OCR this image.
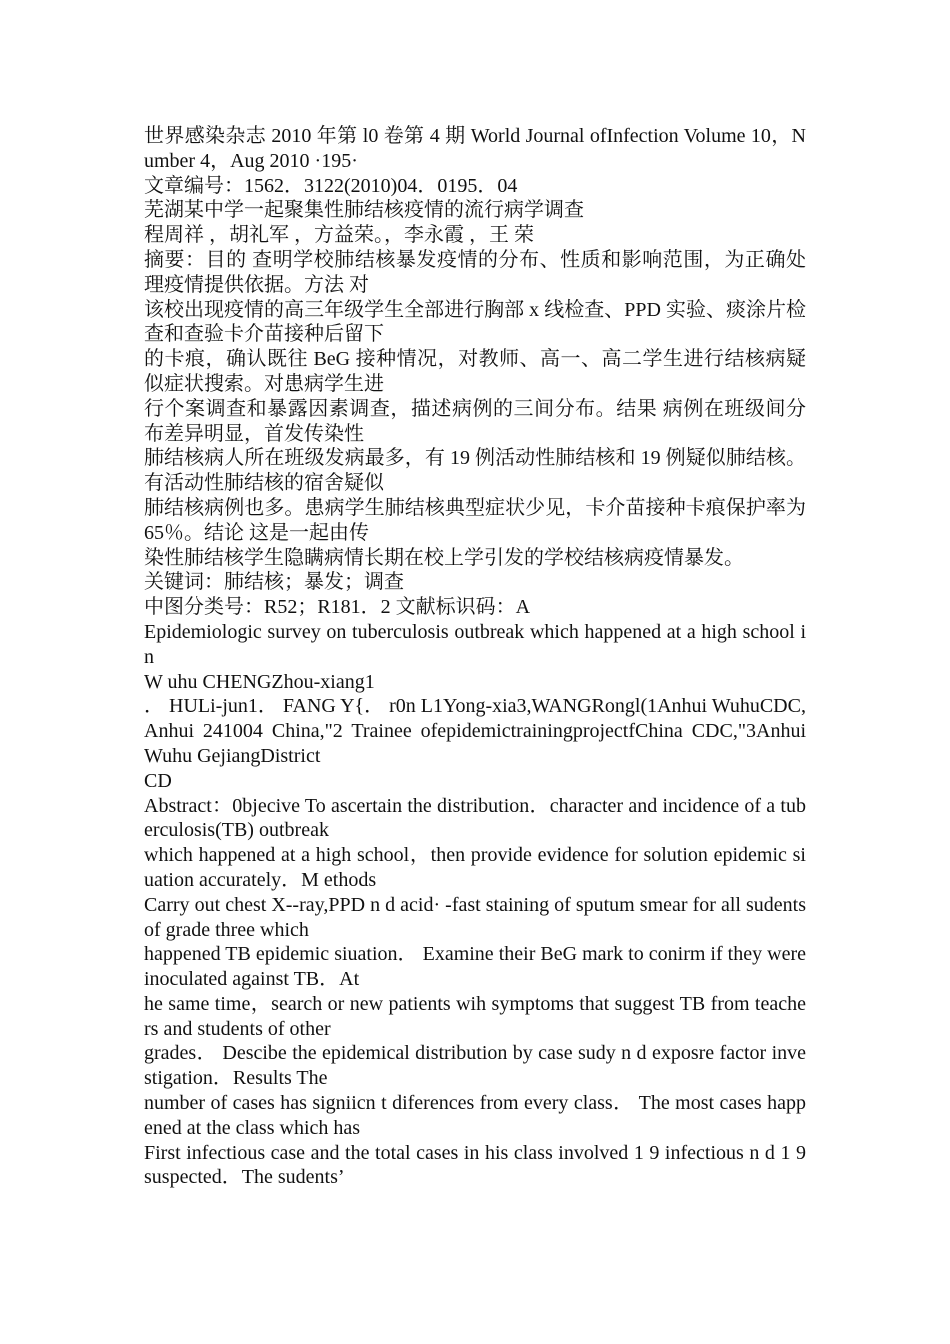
世界感染杂志 2010 年第 l0 卷第 4 期 World Journal ofInfection Volume 10，Number 4，Aug 2010 ·195·

文章编号：1562．3122(2010)04．0195．04

芜湖某中学一起聚集性肺结核疫情的流行病学调查

程周祥 ，胡礼军 ，方益荣。，李永霞 ，王 荣

摘要：目的 查明学校肺结核暴发疫情的分布、性质和影响范围，为正确处理疫情提供依据。方法 对

该校出现疫情的高三年级学生全部进行胸部 x 线检查、PPD 实验、痰涂片检查和查验卡介苗接种后留下

的卡痕，确认既往 BeG 接种情况，对教师、高一、高二学生进行结核病疑似症状搜索。对患病学生进

行个案调查和暴露因素调查，描述病例的三间分布。结果 病例在班级间分布差异明显，首发传染性

肺结核病人所在班级发病最多，有 19 例活动性肺结核和 19 例疑似肺结核。有活动性肺结核的宿舍疑似

肺结核病例也多。患病学生肺结核典型症状少见，卡介苗接种卡痕保护率为 65％。结论 这是一起由传

染性肺结核学生隐瞒病情长期在校上学引发的学校结核病疫情暴发。

关键词：肺结核；暴发；调查

中图分类号：R52；R181．2 文献标识码：A

Epidemiologic survey on tuberculosis outbreak which happened at a high school in

W uhu CHENGZhou-xiang1

． HULi-jun1． FANG Y{． r0n L1Yong-xia3,WANGRongl(1Anhui WuhuCDC,

Anhui 241004 China,"2 Trainee ofepidemictrainingprojectfChina CDC,"3Anhui Wuhu GejiangDistrict

CD

Abstract：0bjecive To ascertain the distribution．character and incidence of a tuberculosis(TB) outbreak

which happened at a high school，then provide evidence for solution epidemic siuation accurately．M ethods

Carry out chest X--ray,PPD n d acid· -fast staining of sputum smear for all sudents of grade three which

happened TB epidemic siuation． Examine their BeG mark to conirm if they were inoculated against TB．At

he same time，search or new patients wih symptoms that suggest TB from teachers and students of other

grades． Descibe the epidemical distribution by case sudy n d exposre factor investigation．Results The

number of cases has signiicn t diferences from every class． The most cases happened at the class which has

First infectious case and the total cases in his class involved 1 9 infectious n d 1 9 suspected．The sudents’
